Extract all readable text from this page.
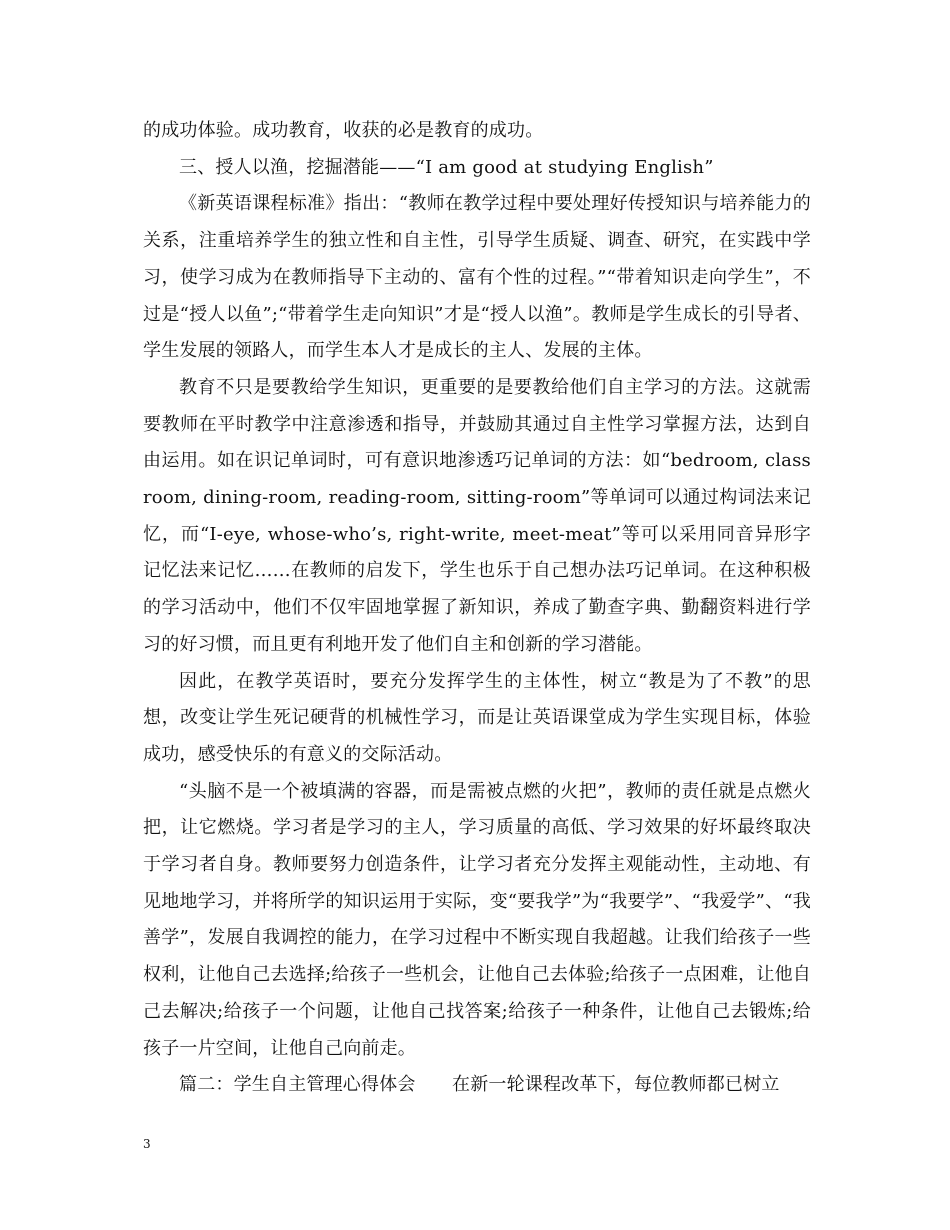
的成功体验。成功教育，收获的必是教育的成功。

三、授人以渔，挖掘潜能——“I am good at studying English”

《新英语课程标准》指出：“教师在教学过程中要处理好传授知识与培养能力的关系，注重培养学生的独立性和自主性，引导学生质疑、调查、研究，在实践中学习，使学习成为在教师指导下主动的、富有个性的过程。”“带着知识走向学生”，不过是“授人以鱼”;“带着学生走向知识”才是“授人以渔”。教师是学生成长的引导者、学生发展的领路人，而学生本人才是成长的主人、发展的主体。

教育不只是要教给学生知识，更重要的是要教给他们自主学习的方法。这就需要教师在平时教学中注意渗透和指导，并鼓励其通过自主性学习掌握方法，达到自由运用。如在识记单词时，可有意识地渗透巧记单词的方法：如“bedroom, classroom, dining-room, reading-room, sitting-room”等单词可以通过构词法来记忆，而“I-eye, whose-who’s, right-write, meet-meat”等可以采用同音异形字记忆法来记忆……在教师的启发下，学生也乐于自己想办法巧记单词。在这种积极的学习活动中，他们不仅牢固地掌握了新知识，养成了勤查字典、勤翻资料进行学习的好习惯，而且更有利地开发了他们自主和创新的学习潜能。

因此，在教学英语时，要充分发挥学生的主体性，树立“教是为了不教”的思想，改变让学生死记硬背的机械性学习，而是让英语课堂成为学生实现目标，体验成功，感受快乐的有意义的交际活动。

“头脑不是一个被填满的容器，而是需被点燃的火把”，教师的责任就是点燃火把，让它燃烧。学习者是学习的主人，学习质量的高低、学习效果的好坏最终取决于学习者自身。教师要努力创造条件，让学习者充分发挥主观能动性，主动地、有见地地学习，并将所学的知识运用于实际，变“要我学”为“我要学”、“我爱学”、“我善学”，发展自我调控的能力，在学习过程中不断实现自我超越。让我们给孩子一些权利，让他自己去选择;给孩子一些机会，让他自己去体验;给孩子一点困难，让他自己去解决;给孩子一个问题，让他自己找答案;给孩子一种条件，让他自己去锻炼;给孩子一片空间，让他自己向前走。

篇二：学生自主管理心得体会　　在新一轮课程改革下，每位教师都已树立

3
